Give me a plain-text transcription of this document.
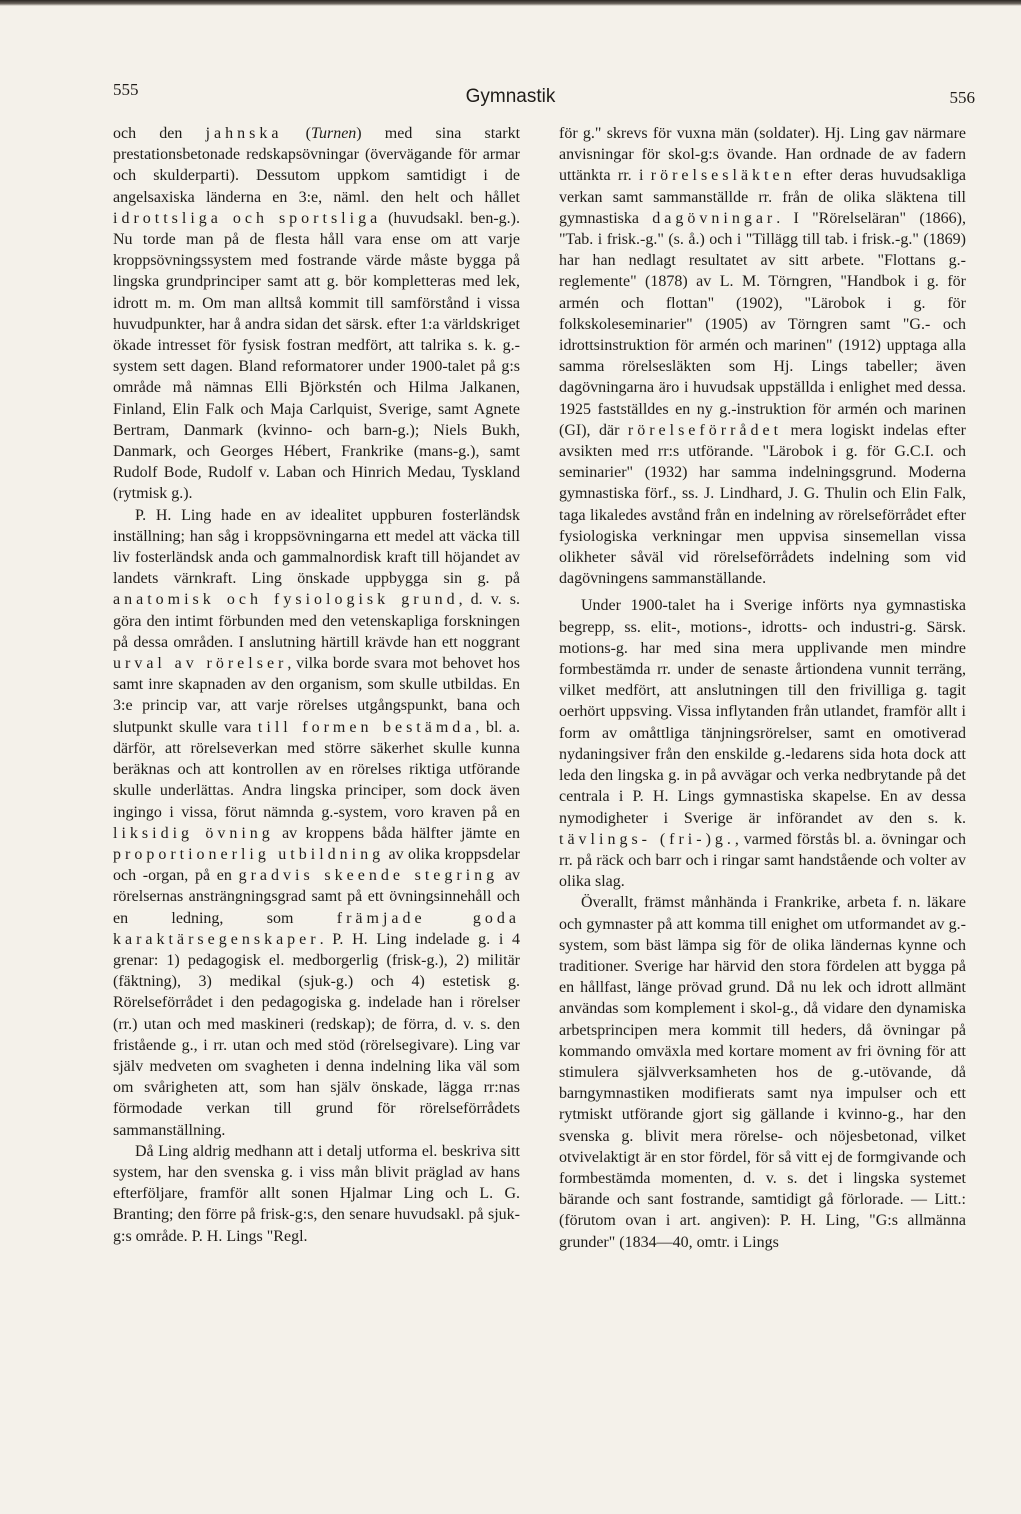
555	Gymnastik	556

och den jahnska (Turnen) med sina starkt prestationsbetonade redskapsövningar (övervägande för armar och skulderparti). Dessutom uppkom samtidigt i de angelsaxiska länderna en 3:e, näml. den helt och hållet idrottsliga och sportsliga (huvudsakl. ben-g.). Nu torde man på de flesta håll vara ense om att varje kroppsövningssystem med fostrande värde måste bygga på lingska grundprinciper samt att g. bör kompletteras med lek, idrott m. m. Om man alltså kommit till samförstånd i vissa huvudpunkter, har å andra sidan det särsk. efter 1:a världskriget ökade intresset för fysisk fostran medfört, att talrika s. k. g.-system sett dagen. Bland reformatorer under 1900-talet på g:s område må nämnas Elli Björkstén och Hilma Jalkanen, Finland, Elin Falk och Maja Carlquist, Sverige, samt Agnete Bertram, Danmark (kvinno- och barn-g.); Niels Bukh, Danmark, och Georges Hébert, Frankrike (mans-g.), samt Rudolf Bode, Rudolf v. Laban och Hinrich Medau, Tyskland (rytmisk g.).

P. H. Ling hade en av idealitet uppburen fosterländsk inställning; han såg i kroppsövningarna ett medel att väcka till liv fosterländsk anda och gammalnordisk kraft till höjandet av landets värnkraft. Ling önskade uppbygga sin g. på anatomisk och fysiologisk grund, d. v. s. göra den intimt förbunden med den vetenskapliga forskningen på dessa områden. I anslutning härtill krävde han ett noggrant urval av rörelser, vilka borde svara mot behovet hos samt inre skapnaden av den organism, som skulle utbildas. En 3:e princip var, att varje rörelses utgångspunkt, bana och slutpunkt skulle vara till formen bestämda, bl. a. därför, att rörelseverkan med större säkerhet skulle kunna beräknas och att kontrollen av en rörelses riktiga utförande skulle underlättas. Andra lingska principer, som dock även ingingo i vissa, förut nämnda g.-system, voro kraven på en liksidig övning av kroppens båda hälfter jämte en proportionerlig utbildning av olika kroppsdelar och -organ, på en gradvis skeende stegring av rörelsernas ansträngningsgrad samt på ett övningsinnehåll och en ledning, som främjade goda karaktärsegenskaper. P. H. Ling indelade g. i 4 grenar: 1) pedagogisk el. medborgerlig (frisk-g.), 2) militär (fäktning), 3) medikal (sjuk-g.) och 4) estetisk g. Rörelseförrådet i den pedagogiska g. indelade han i rörelser (rr.) utan och med maskineri (redskap); de förra, d. v. s. den fristående g., i rr. utan och med stöd (rörelsegivare). Ling var själv medveten om svagheten i denna indelning lika väl som om svårigheten att, som han själv önskade, lägga rr:nas förmodade verkan till grund för rörelseförrådets sammanställning.

Då Ling aldrig medhann att i detalj utforma el. beskriva sitt system, har den svenska g. i viss mån blivit präglad av hans efterföljare, framför allt sonen Hjalmar Ling och L. G. Branting; den förre på frisk-g:s, den senare huvudsakl. på sjuk-g:s område. P. H. Lings "Regl.

för g." skrevs för vuxna män (soldater). Hj. Ling gav närmare anvisningar för skol-g:s övande. Han ordnade de av fadern uttänkta rr. i rörelsesläkten efter deras huvudsakliga verkan samt sammanställde rr. från de olika släktena till gymnastiska dagövningar. I "Rörelseläran" (1866), "Tab. i frisk.-g." (s. å.) och i "Tillägg till tab. i frisk.-g." (1869) har han nedlagt resultatet av sitt arbete. "Flottans g.-reglemente" (1878) av L. M. Törngren, "Handbok i g. för armén och flottan" (1902), "Lärobok i g. för folkskoleseminarier" (1905) av Törngren samt "G.- och idrottsinstruktion för armén och marinen" (1912) upptaga alla samma rörelsesläkten som Hj. Lings tabeller; även dagövningarna äro i huvudsak uppställda i enlighet med dessa. 1925 fastställdes en ny g.-instruktion för armén och marinen (GI), där rörelseförrådet mera logiskt indelas efter avsikten med rr:s utförande. "Lärobok i g. för G.C.I. och seminarier" (1932) har samma indelningsgrund. Moderna gymnastiska förf., ss. J. Lindhard, J. G. Thulin och Elin Falk, taga likaledes avstånd från en indelning av rörelseförrådet efter fysiologiska verkningar men uppvisa sinsemellan vissa olikheter såväl vid rörelseförrådets indelning som vid dagövningens sammanställande.

Under 1900-talet ha i Sverige införts nya gymnastiska begrepp, ss. elit-, motions-, idrotts- och industri-g. Särsk. motions-g. har med sina mera upplivande men mindre formbestämda rr. under de senaste årtiondena vunnit terräng, vilket medfört, att anslutningen till den frivilliga g. tagit oerhört uppsving. Vissa inflytanden från utlandet, framför allt i form av omåttliga tänjningsrörelser, samt en omotiverad nydaningsiver från den enskilde g.-ledarens sida hota dock att leda den lingska g. in på avvägar och verka nedbrytande på det centrala i P. H. Lings gymnastiska skapelse. En av dessa nymodigheter i Sverige är införandet av den s. k. tävlings- (fri-)g., varmed förstås bl. a. övningar och rr. på räck och barr och i ringar samt handstående och volter av olika slag.

Överallt, främst månhända i Frankrike, arbeta f. n. läkare och gymnaster på att komma till enighet om utformandet av g.-system, som bäst lämpa sig för de olika ländernas kynne och traditioner. Sverige har härvid den stora fördelen att bygga på en hållfast, länge prövad grund. Då nu lek och idrott allmänt användas som komplement i skol-g., då vidare den dynamiska arbetsprincipen mera kommit till heders, då övningar på kommando omväxla med kortare moment av fri övning för att stimulera självverksamheten hos de g.-utövande, då barngymnastiken modifierats samt nya impulser och ett rytmiskt utförande gjort sig gällande i kvinno-g., har den svenska g. blivit mera rörelse- och nöjesbetonad, vilket otvivelaktigt är en stor fördel, för så vitt ej de formgivande och formbestämda momenten, d. v. s. det i lingska systemet bärande och sant fostrande, samtidigt gå förlorade. — Litt.: (förutom ovan i art. angiven): P. H. Ling, "G:s allmänna grunder" (1834—40, omtr. i Lings
